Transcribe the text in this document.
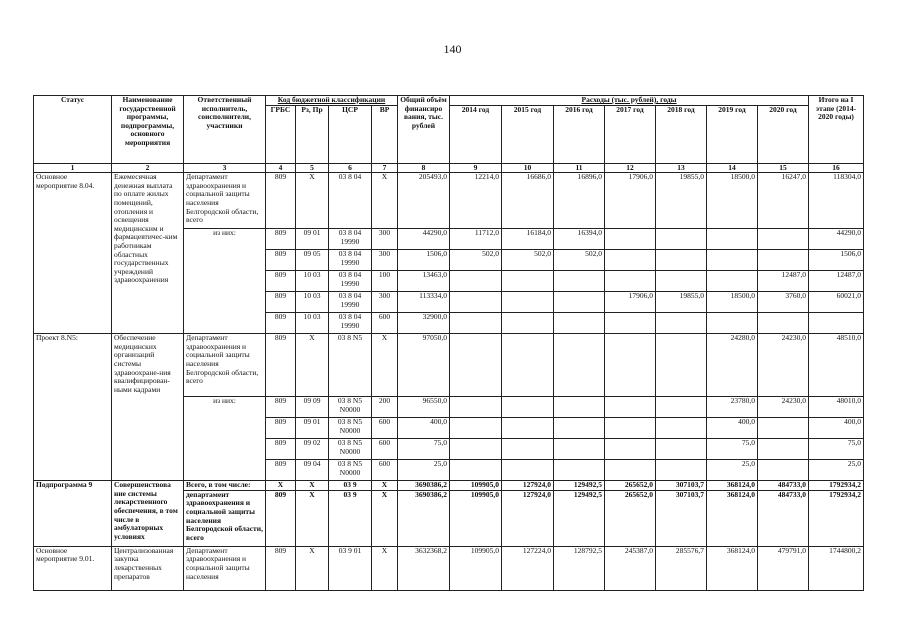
140
Статус	Наименование государственной программы, подпрограммы, основного мероприятия	Ответственный исполнитель, соисполнители, участники	Код бюджетной классификации				Общий объём финансиро вания, тыс. рублей	Расходы (тыс. рублей), годы							Итого на I этапе (2014-2020 годы)
			ГРБС	Рз, Пр	ЦСР	ВР		2014 год	2015 год	2016 год	2017 год	2018 год	2019 год	2020 год	
1	2	3	4	5	6	7	8	9	10	11	12	13	14	15	16
Основное мероприятие 8.04.	Ежемесячная денежная выплата по оплате жилых помещений, отопления и освещения медицинским и фармацевтичес-ким работникам областных государственных учреждений здравоохранения	Департамент здравоохранения и социальной защиты населения Белгородской области, всего	809	X	03 8 04	X	205493,0	12214,0	16686,0	16896,0	17906,0	19855,0	18500,0	16247,0	118304,0
		из них:	809	09 01	03 8 04 19990	300	44290,0	11712,0	16184,0	16394,0					44290,0
			809	09 05	03 8 04 19990	300	1506,0	502,0	502,0	502,0					1506,0
			809	10 03	03 8 04 19990	100	13463,0							12487,0	12487,0
			809	10 03	03 8 04 19990	300	113334,0				17906,0	19855,0	18500,0	3760,0	60021,0
			809	10 03	03 8 04 19990	600	32900,0								
Проект 8.N5:	Обеспечение медицинских организаций системы здравоохране-ния квалифицирован-ными кадрами	Департамент здравоохранения и социальной защиты населения Белгородской области, всего	809	X	03 8 N5	X	97050,0						24280,0	24230,0	48510,0
		из них:	809	09 09	03 8 N5 N0000	200	96550,0						23780,0	24230,0	48010,0
			809	09 01	03 8 N5 N0000	600	400,0						400,0		400,0
			809	09 02	03 8 N5 N0000	600	75,0						75,0		75,0
			809	09 04	03 8 N5 N0000	600	25,0						25,0		25,0
Подпрограмма 9	Совершенствова ние системы лекарственного обеспечения, в том числе в амбулаторных условиях	Всего, в том числе:	X	X	03 9	X	3690386,2	109905,0	127924,0	129492,5	265652,0	307103,7	368124,0	484733,0	1792934,2
		департамент здравоохранения и социальной защиты населения Белгородской области, всего	809	X	03 9	X	3690386,2	109905,0	127924,0	129492,5	265652,0	307103,7	368124,0	484733,0	1792934,2
Основное мероприятие 9.01.	Централизованная закупка лекарственных препаратов	Департамент здравоохранения и социальной защиты населения	809	X	03 9 01	X	3632368,2	109905,0	127224,0	128792,5	245387,0	285576,7	368124,0	479791,0	1744800,2
